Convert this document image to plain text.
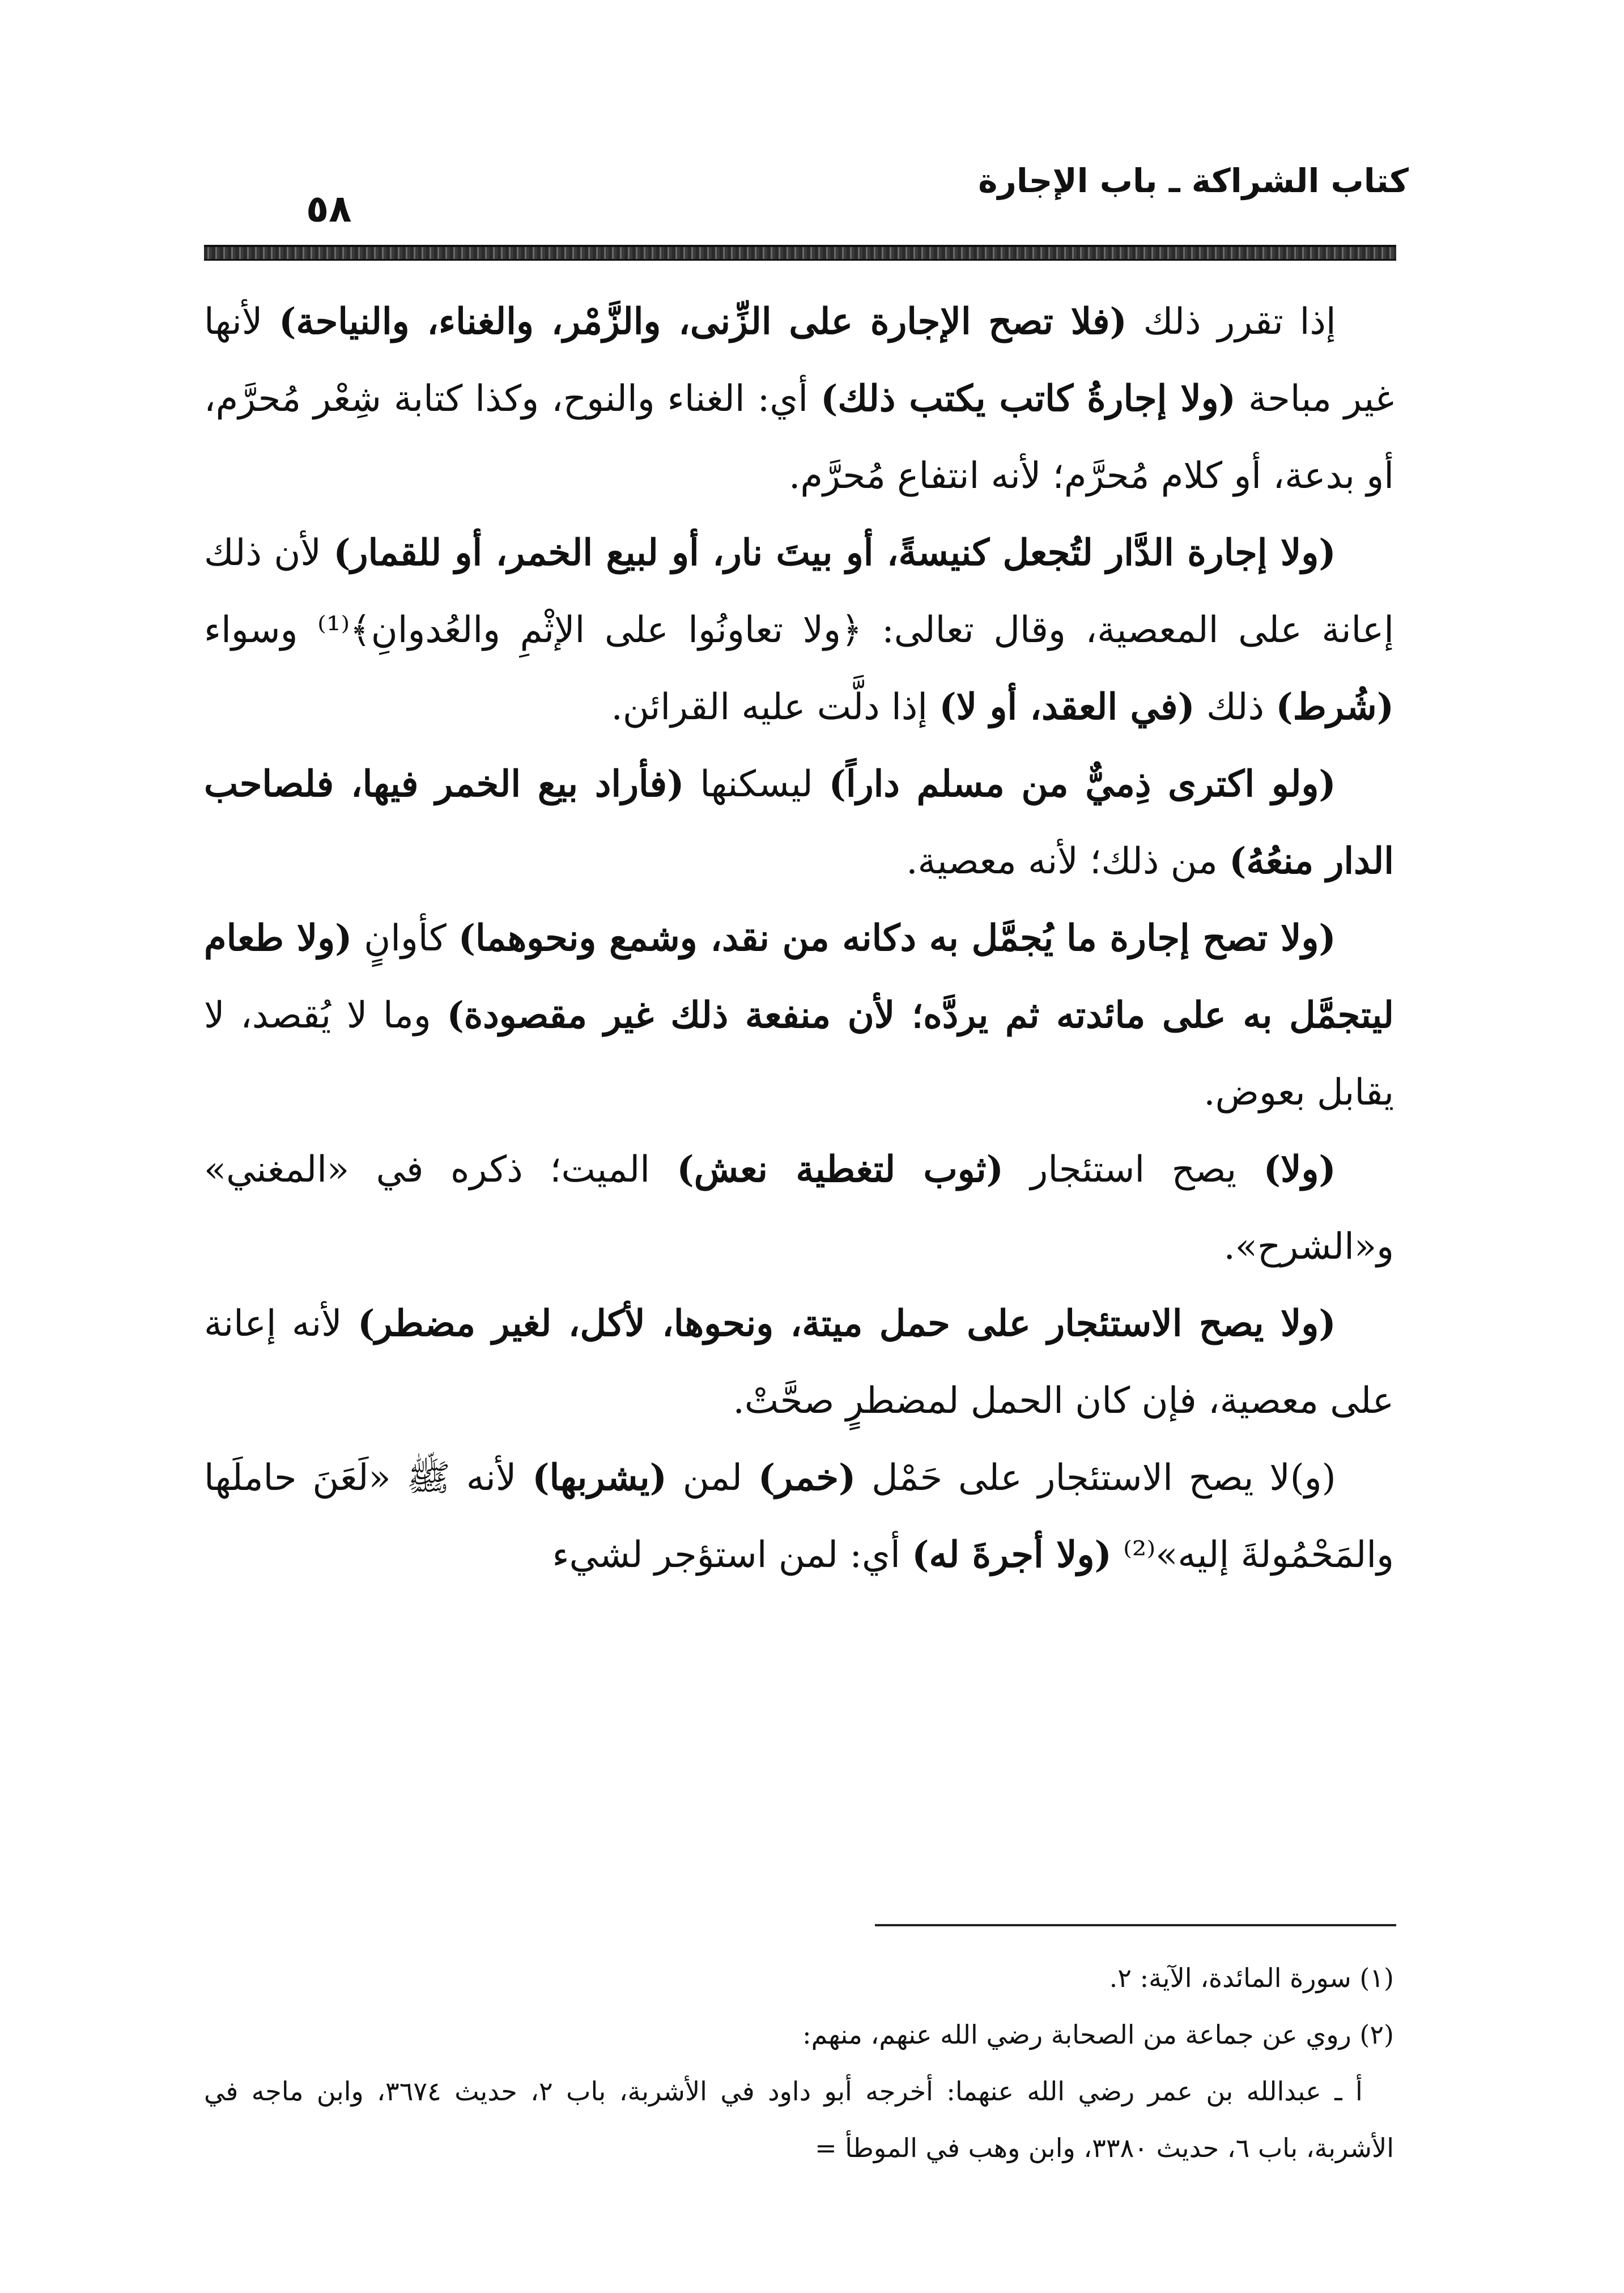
كتاب الشراكة ـ باب الإجارة
٥٨

إذا تقرر ذلك (فلا تصح الإجارة على الزِّنى، والزَّمْر، والغناء، والنياحة) لأنها غير مباحة (ولا إجارةُ كاتب يكتب ذلك) أي: الغناء والنوح، وكذا كتابة شِعْر مُحرَّم، أو بدعة، أو كلام مُحرَّم؛ لأنه انتفاع مُحرَّم.

(ولا إجارة الدَّار لتُجعل كنيسةً، أو بيتَ نار، أو لبيع الخمر، أو للقمار) لأن ذلك إعانة على المعصية، وقال تعالى: ﴿ولا تعاونُوا على الإثْمِ والعُدوانِ﴾⁽¹⁾ وسواء (شُرط) ذلك (في العقد، أو لا) إذا دلَّت عليه القرائن.

(ولو اكترى ذِميٌّ من مسلم داراً) ليسكنها (فأراد بيع الخمر فيها، فلصاحب الدار منعُهُ) من ذلك؛ لأنه معصية.

(ولا تصح إجارة ما يُجمَّل به دكانه من نقد، وشمع ونحوهما) كأوانٍ (ولا طعام ليتجمَّل به على مائدته ثم يردَّه؛ لأن منفعة ذلك غير مقصودة) وما لا يُقصد، لا يقابل بعوض.

(ولا) يصح استئجار (ثوب لتغطية نعش) الميت؛ ذكره في «المغني» و«الشرح».

(ولا يصح الاستئجار على حمل ميتة، ونحوها، لأكل، لغير مضطر) لأنه إعانة على معصية، فإن كان الحمل لمضطرٍ صحَّتْ.

(و)لا يصح الاستئجار على حَمْل (خمر) لمن (يشربها) لأنه ﷺ «لَعَنَ حاملَها والمَحْمُولةَ إليه»⁽²⁾ (ولا أجرةَ له) أي: لمن استؤجر لشيء

(١) سورة المائدة، الآية: ٢.

(٢) روي عن جماعة من الصحابة رضي الله عنهم، منهم:

أ ـ عبدالله بن عمر رضي الله عنهما: أخرجه أبو داود في الأشربة، باب ٢، حديث ٣٦٧٤، وابن ماجه في الأشربة، باب ٦، حديث ٣٣٨٠، وابن وهب في الموطأ =
